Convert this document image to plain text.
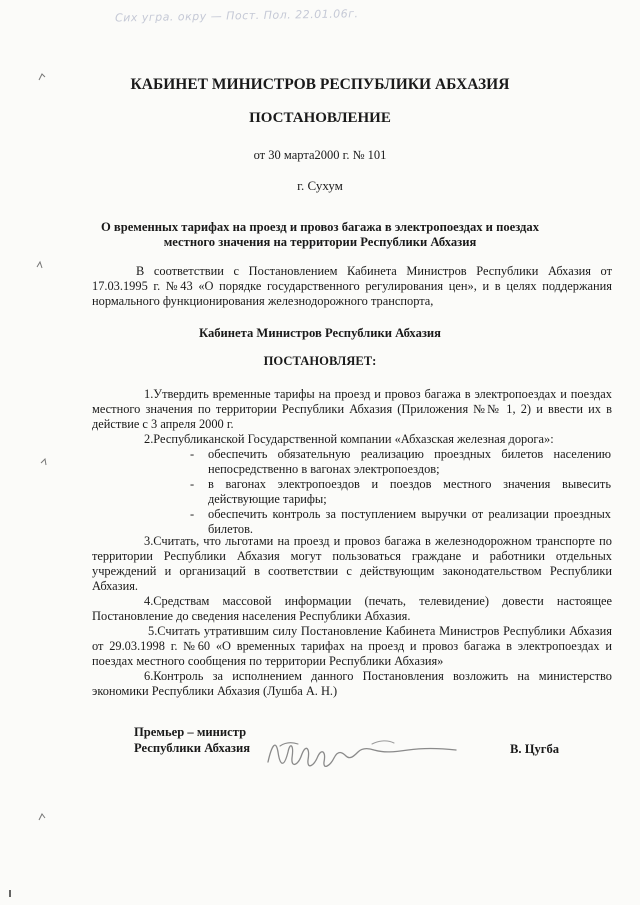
Сих угра. окру — Пост. Пол. 22.01.06г.
КАБИНЕТ МИНИСТРОВ РЕСПУБЛИКИ АБХАЗИЯ
ПОСТАНОВЛЕНИЕ
от 30 марта2000 г. № 101
г. Сухум
О временных тарифах на проезд и провоз багажа в электропоездах и поездах местного значения на территории Республики Абхазия
В соответствии с Постановлением Кабинета Министров Республики Абхазия от 17.03.1995 г. №43 «О порядке государственного регулирования цен», и в целях поддержания нормального функционирования железнодорожного транспорта,
Кабинета Министров Республики Абхазия
ПОСТАНОВЛЯЕТ:
1.Утвердить временные тарифы на проезд и провоз багажа в электропоездах и поездах местного значения по территории Республики Абхазия (Приложения №№ 1, 2) и ввести их в действие с 3 апреля 2000 г.
2.Республиканской Государственной компании «Абхазская железная дорога»:
- обеспечить обязательную реализацию проездных билетов населению непосредственно в вагонах электропоездов;
- в вагонах электропоездов и поездов местного значения вывесить действующие тарифы;
- обеспечить контроль за поступлением выручки от реализации проездных билетов.
3.Считать, что льготами на проезд и провоз багажа в железнодорожном транспорте по территории Республики Абхазия могут пользоваться граждане и работники отдельных учреждений и организаций в соответствии с действующим законодательством Республики Абхазия.
4.Средствам массовой информации (печать, телевидение) довести настоящее Постановление до сведения населения Республики Абхазия.
5.Считать утратившим силу Постановление Кабинета Министров Республики Абхазия от 29.03.1998 г. №60 «О временных тарифах на проезд и провоз багажа в электропоездах и поездах местного сообщения по территории Республики Абхазия»
6.Контроль за исполнением данного Постановления возложить на министерство экономики Республики Абхазия (Лушба А. Н.)
Премьер – министр
Республики Абхазия	В. Цугба
